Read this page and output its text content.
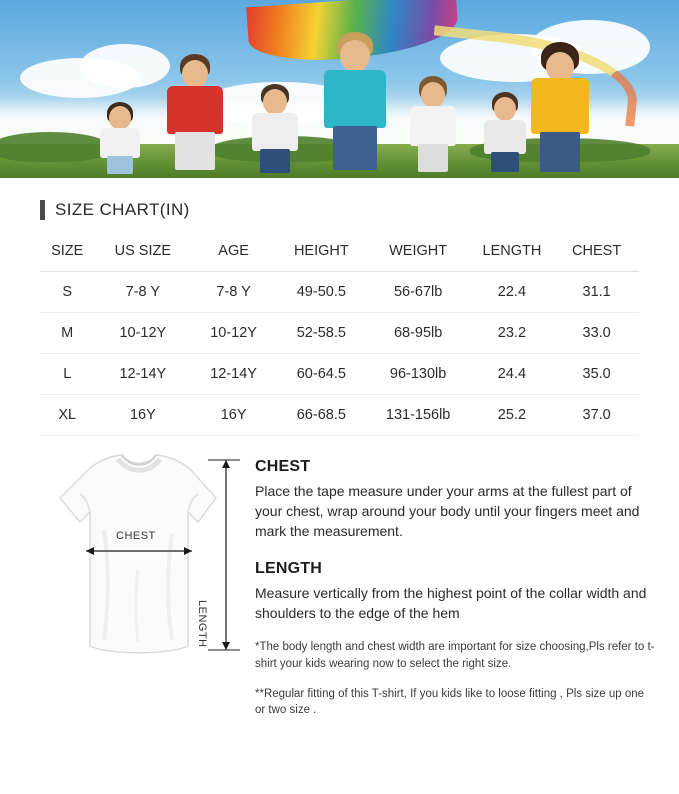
SIZE CHART(IN)
SIZE	US SIZE	AGE	HEIGHT	WEIGHT	LENGTH	CHEST
S	7-8 Y	7-8 Y	49-50.5	56-67lb	22.4	31.1
M	10-12Y	10-12Y	52-58.5	68-95lb	23.2	33.0
L	12-14Y	12-14Y	60-64.5	96-130lb	24.4	35.0
XL	16Y	16Y	66-68.5	131-156lb	25.2	37.0
CHEST
LENGTH
CHEST

Place the tape measure under your arms at the fullest part of your chest, wrap around your body until your fingers meet and mark the measurement.

LENGTH

Measure vertically from the highest point of the collar width and shoulders to the edge of the hem

*The body length and chest width are important for size choosing,Pls refer to t-shirt your kids wearing now to select the right size.

**Regular fitting of this T-shirt, If you kids like to loose fitting , Pls size up one or two size .
